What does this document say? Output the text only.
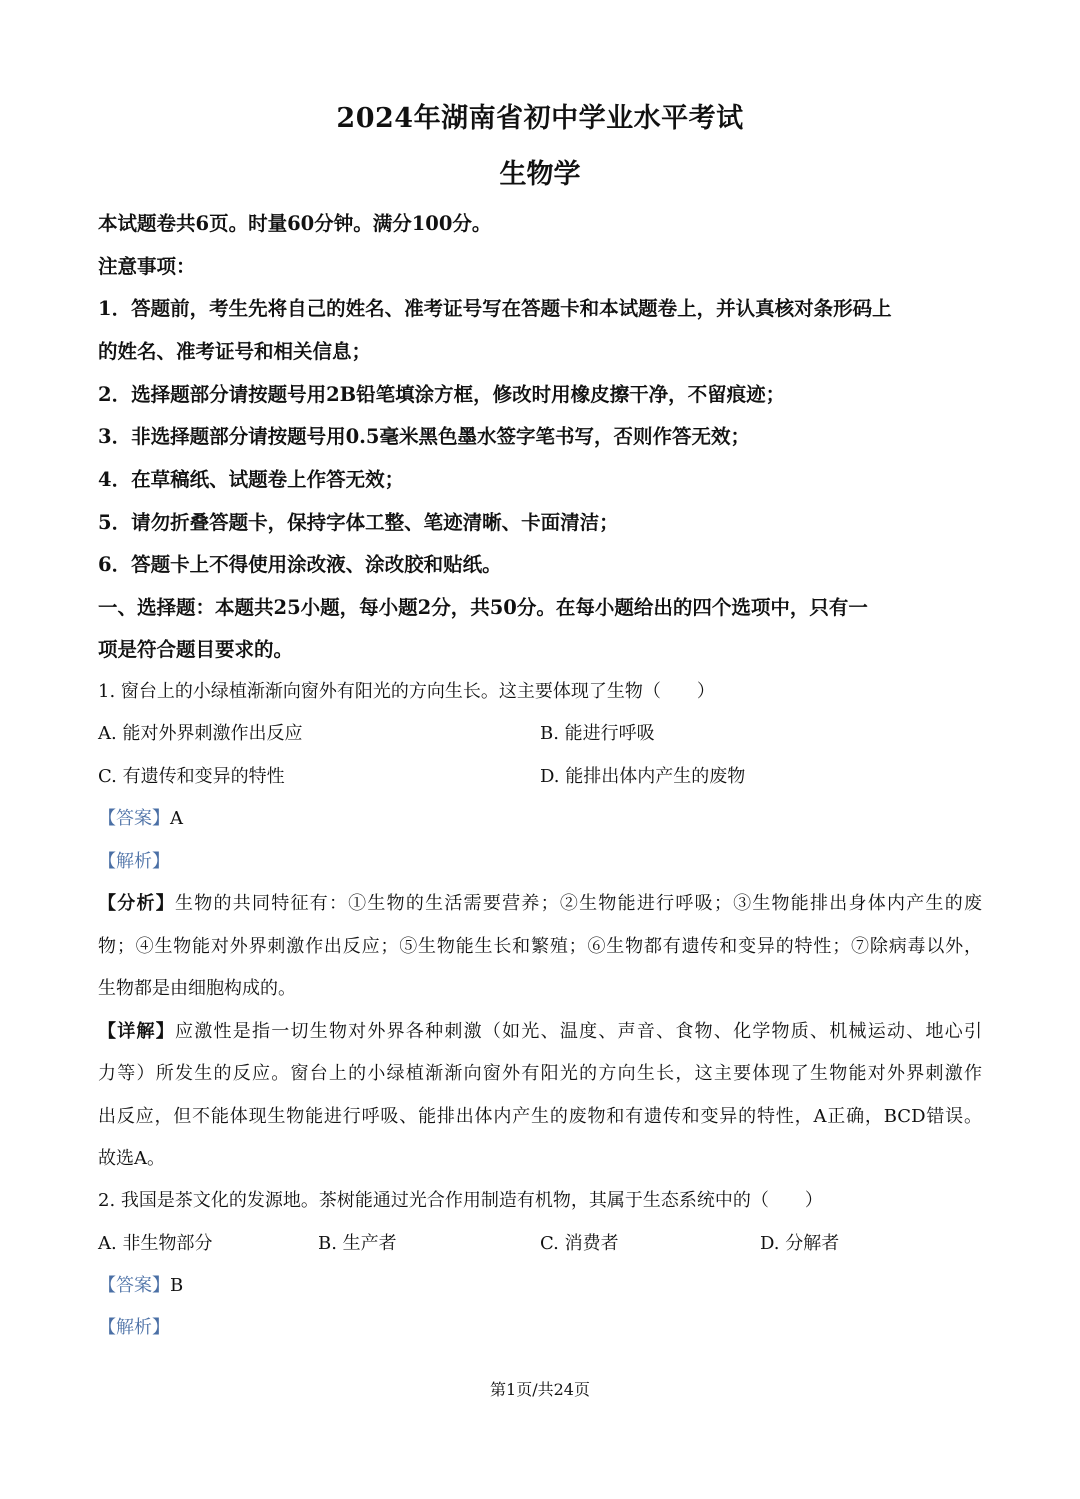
2024年湖南省初中学业水平考试
生物学
本试题卷共6页。时量60分钟。满分100分。
注意事项：
1．答题前，考生先将自己的姓名、准考证号写在答题卡和本试题卷上，并认真核对条形码上
的姓名、准考证号和相关信息；
2．选择题部分请按题号用2B铅笔填涂方框，修改时用橡皮擦干净，不留痕迹；
3．非选择题部分请按题号用0.5毫米黑色墨水签字笔书写，否则作答无效；
4．在草稿纸、试题卷上作答无效；
5．请勿折叠答题卡，保持字体工整、笔迹清晰、卡面清洁；
6．答题卡上不得使用涂改液、涂改胶和贴纸。
一、选择题：本题共25小题，每小题2分，共50分。在每小题给出的四个选项中，只有一
项是符合题目要求的。
1. 窗台上的小绿植渐渐向窗外有阳光的方向生长。这主要体现了生物（　　）
A. 能对外界刺激作出反应	B. 能进行呼吸
C. 有遗传和变异的特性	D. 能排出体内产生的废物
【答案】A
【解析】
【分析】生物的共同特征有：①生物的生活需要营养；②生物能进行呼吸；③生物能排出身体内产生的废
物；④生物能对外界刺激作出反应；⑤生物能生长和繁殖；⑥生物都有遗传和变异的特性；⑦除病毒以外，
生物都是由细胞构成的。
【详解】应激性是指一切生物对外界各种刺激（如光、温度、声音、食物、化学物质、机械运动、地心引
力等）所发生的反应。窗台上的小绿植渐渐向窗外有阳光的方向生长，这主要体现了生物能对外界刺激作
出反应，但不能体现生物能进行呼吸、能排出体内产生的废物和有遗传和变异的特性，A正确，BCD错误。
故选A。
2. 我国是茶文化的发源地。茶树能通过光合作用制造有机物，其属于生态系统中的（　　）
A. 非生物部分	B. 生产者	C. 消费者	D. 分解者
【答案】B
【解析】
第1页/共24页
